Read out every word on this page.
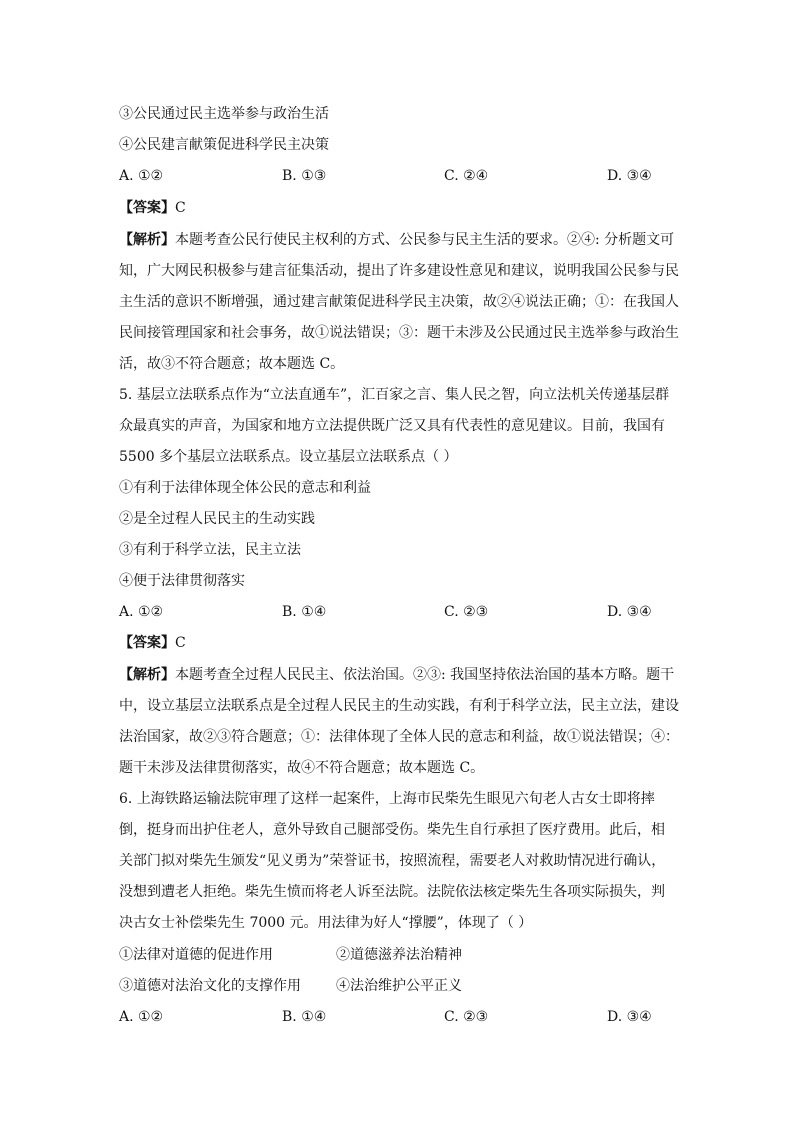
③公民通过民主选举参与政治生活
④公民建言献策促进科学民主决策
A. ①②	B. ①③	C. ②④	D. ③④
【答案】C
【解析】本题考查公民行使民主权利的方式、公民参与民主生活的要求。②④: 分析题文可
知，广大网民积极参与建言征集活动，提出了许多建设性意见和建议，说明我国公民参与民
主生活的意识不断增强，通过建言献策促进科学民主决策，故②④说法正确；①：在我国人
民间接管理国家和社会事务，故①说法错误；③：题干未涉及公民通过民主选举参与政治生
活，故③不符合题意；故本题选 C。
5. 基层立法联系点作为“立法直通车”，汇百家之言、集人民之智，向立法机关传递基层群
众最真实的声音，为国家和地方立法提供既广泛又具有代表性的意见建议。目前，我国有
5500 多个基层立法联系点。设立基层立法联系点（ ）
①有利于法律体现全体公民的意志和利益
②是全过程人民民主的生动实践
③有利于科学立法，民主立法
④便于法律贯彻落实
A. ①②	B. ①④	C. ②③	D. ③④
【答案】C
【解析】本题考查全过程人民民主、依法治国。②③: 我国坚持依法治国的基本方略。题干
中，设立基层立法联系点是全过程人民民主的生动实践，有利于科学立法，民主立法，建设
法治国家，故②③符合题意；①：法律体现了全体人民的意志和利益，故①说法错误；④：
题干未涉及法律贯彻落实，故④不符合题意；故本题选 C。
6. 上海铁路运输法院审理了这样一起案件，上海市民柴先生眼见六旬老人古女士即将摔
倒，挺身而出护住老人，意外导致自己腿部受伤。柴先生自行承担了医疗费用。此后，相
关部门拟对柴先生颁发“见义勇为”荣誉证书，按照流程，需要老人对救助情况进行确认，
没想到遭老人拒绝。柴先生愤而将老人诉至法院。法院依法核定柴先生各项实际损失，判
决古女士补偿柴先生 7000 元。用法律为好人“撑腰”，体现了（ ）
①法律对道德的促进作用	②道德滋养法治精神
③道德对法治文化的支撑作用	④法治维护公平正义
A. ①②	B. ①④	C. ②③	D. ③④
